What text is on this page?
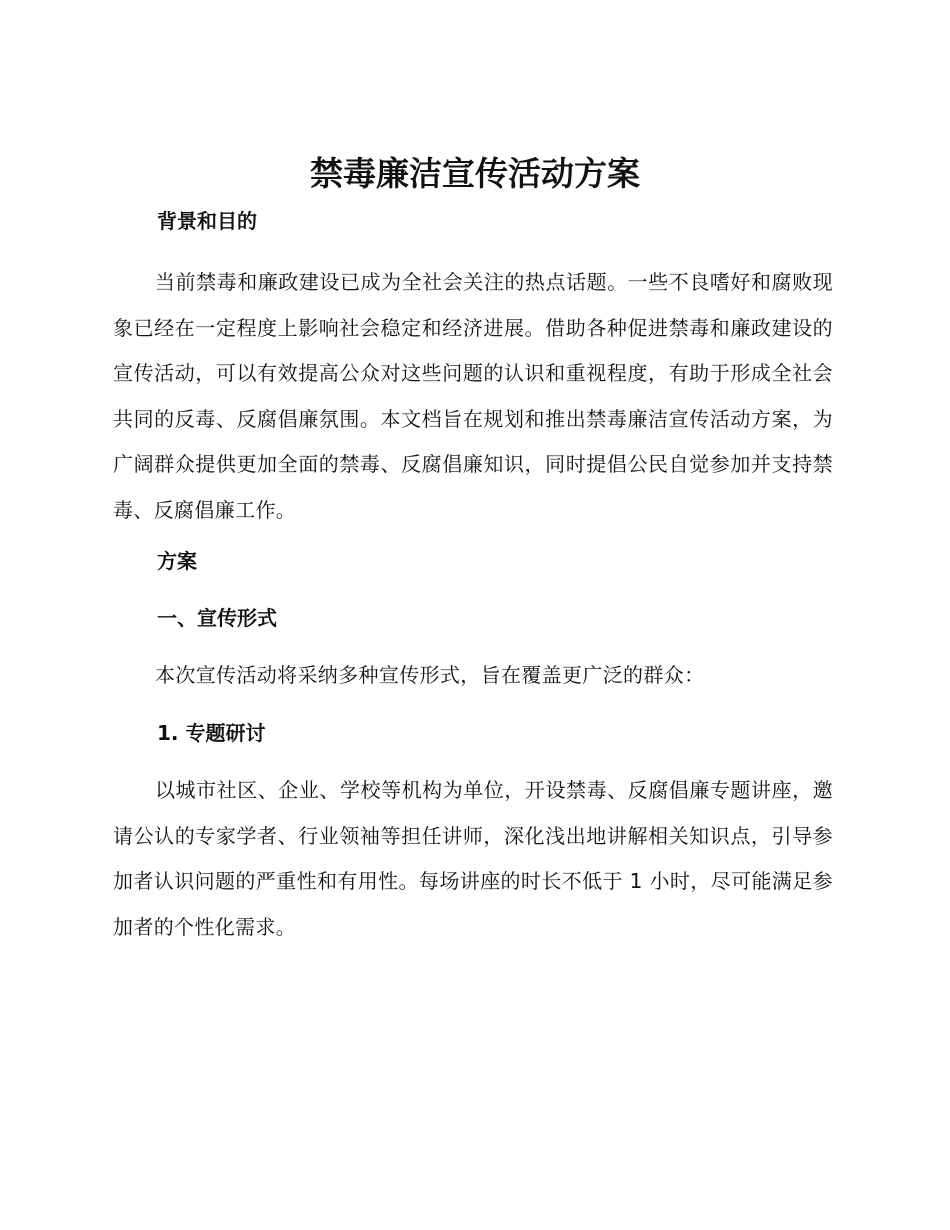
禁毒廉洁宣传活动方案
背景和目的

当前禁毒和廉政建设已成为全社会关注的热点话题。一些不良嗜好和腐败现象已经在一定程度上影响社会稳定和经济进展。借助各种促进禁毒和廉政建设的宣传活动，可以有效提高公众对这些问题的认识和重视程度，有助于形成全社会共同的反毒、反腐倡廉氛围。本文档旨在规划和推出禁毒廉洁宣传活动方案，为广阔群众提供更加全面的禁毒、反腐倡廉知识，同时提倡公民自觉参加并支持禁毒、反腐倡廉工作。

方案
一、宣传形式

本次宣传活动将采纳多种宣传形式，旨在覆盖更广泛的群众：

1. 专题研讨

以城市社区、企业、学校等机构为单位，开设禁毒、反腐倡廉专题讲座，邀请公认的专家学者、行业领袖等担任讲师，深化浅出地讲解相关知识点，引导参加者认识问题的严重性和有用性。每场讲座的时长不低于 1 小时，尽可能满足参加者的个性化需求。
